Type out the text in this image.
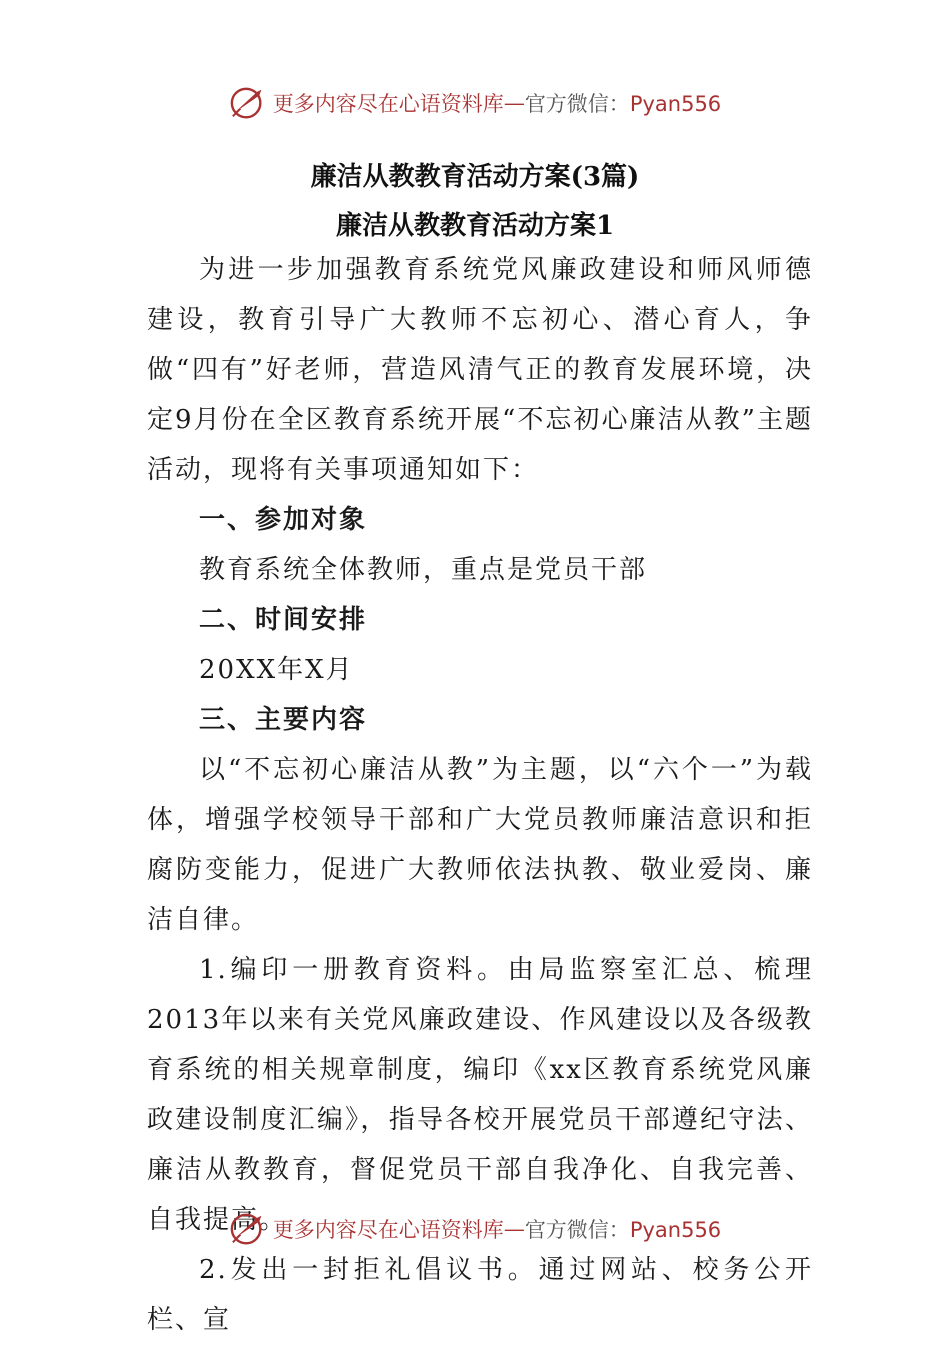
更多内容尽在心语资料库 — 官方微信：Pyan556
廉洁从教教育活动方案(3篇)
廉洁从教教育活动方案1

为进一步加强教育系统党风廉政建设和师风师德建设，教育引导广大教师不忘初心、潜心育人，争做“四有”好老师，营造风清气正的教育发展环境，决定9月份在全区教育系统开展“不忘初心廉洁从教”主题活动，现将有关事项通知如下：

一、参加对象

教育系统全体教师，重点是党员干部

二、时间安排

20XX年X月

三、主要内容

以“不忘初心廉洁从教”为主题，以“六个一”为载体，增强学校领导干部和广大党员教师廉洁意识和拒腐防变能力，促进广大教师依法执教、敬业爱岗、廉洁自律。

1.编印一册教育资料。由局监察室汇总、梳理2013年以来有关党风廉政建设、作风建设以及各级教育系统的相关规章制度，编印《xx区教育系统党风廉政建设制度汇编》，指导各校开展党员干部遵纪守法、廉洁从教教育，督促党员干部自我净化、自我完善、自我提高。

2.发出一封拒礼倡议书。通过网站、校务公开栏、宣

更多内容尽在心语资料库 — 官方微信：Pyan556
